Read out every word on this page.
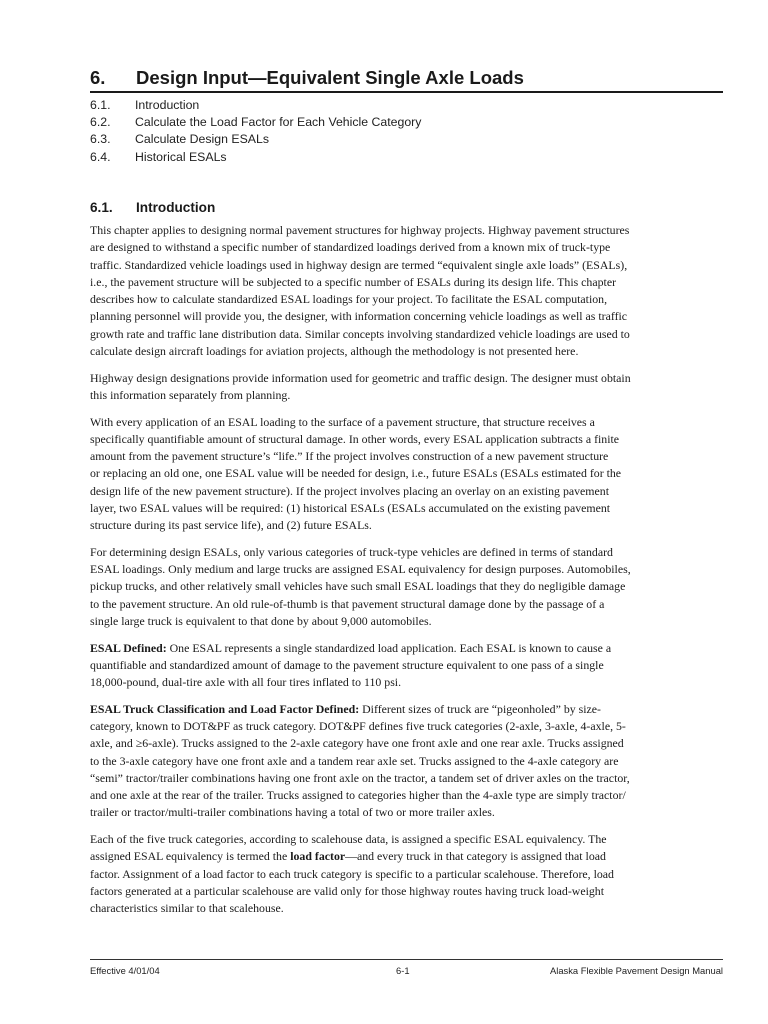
6. Design Input—Equivalent Single Axle Loads
6.1. Introduction
6.2. Calculate the Load Factor for Each Vehicle Category
6.3. Calculate Design ESALs
6.4. Historical ESALs
6.1. Introduction

This chapter applies to designing normal pavement structures for highway projects. Highway pavement structures
are designed to withstand a specific number of standardized loadings derived from a known mix of truck-type
traffic. Standardized vehicle loadings used in highway design are termed “equivalent single axle loads” (ESALs),
i.e., the pavement structure will be subjected to a specific number of ESALs during its design life. This chapter
describes how to calculate standardized ESAL loadings for your project. To facilitate the ESAL computation,
planning personnel will provide you, the designer, with information concerning vehicle loadings as well as traffic
growth rate and traffic lane distribution data. Similar concepts involving standardized vehicle loadings are used to
calculate design aircraft loadings for aviation projects, although the methodology is not presented here.

Highway design designations provide information used for geometric and traffic design. The designer must obtain
this information separately from planning.

With every application of an ESAL loading to the surface of a pavement structure, that structure receives a
specifically quantifiable amount of structural damage. In other words, every ESAL application subtracts a finite
amount from the pavement structure’s “life.” If the project involves construction of a new pavement structure
or replacing an old one, one ESAL value will be needed for design, i.e., future ESALs (ESALs estimated for the
design life of the new pavement structure). If the project involves placing an overlay on an existing pavement
layer, two ESAL values will be required: (1) historical ESALs (ESALs accumulated on the existing pavement
structure during its past service life), and (2) future ESALs.

For determining design ESALs, only various categories of truck-type vehicles are defined in terms of standard
ESAL loadings. Only medium and large trucks are assigned ESAL equivalency for design purposes. Automobiles,
pickup trucks, and other relatively small vehicles have such small ESAL loadings that they do negligible damage
to the pavement structure. An old rule-of-thumb is that pavement structural damage done by the passage of a
single large truck is equivalent to that done by about 9,000 automobiles.

ESAL Defined: One ESAL represents a single standardized load application. Each ESAL is known to cause a
quantifiable and standardized amount of damage to the pavement structure equivalent to one pass of a single
18,000-pound, dual-tire axle with all four tires inflated to 110 psi.

ESAL Truck Classification and Load Factor Defined: Different sizes of truck are “pigeonholed” by size-
category, known to DOT&PF as truck category. DOT&PF defines five truck categories (2-axle, 3-axle, 4-axle, 5-
axle, and ≥6-axle). Trucks assigned to the 2-axle category have one front axle and one rear axle. Trucks assigned
to the 3-axle category have one front axle and a tandem rear axle set. Trucks assigned to the 4-axle category are
“semi” tractor/trailer combinations having one front axle on the tractor, a tandem set of driver axles on the tractor,
and one axle at the rear of the trailer. Trucks assigned to categories higher than the 4-axle type are simply tractor/
trailer or tractor/multi-trailer combinations having a total of two or more trailer axles.

Each of the five truck categories, according to scalehouse data, is assigned a specific ESAL equivalency. The
assigned ESAL equivalency is termed the load factor—and every truck in that category is assigned that load
factor. Assignment of a load factor to each truck category is specific to a particular scalehouse. Therefore, load
factors generated at a particular scalehouse are valid only for those highway routes having truck load-weight
characteristics similar to that scalehouse.

Effective 4/01/04	6-1	Alaska Flexible Pavement Design Manual
